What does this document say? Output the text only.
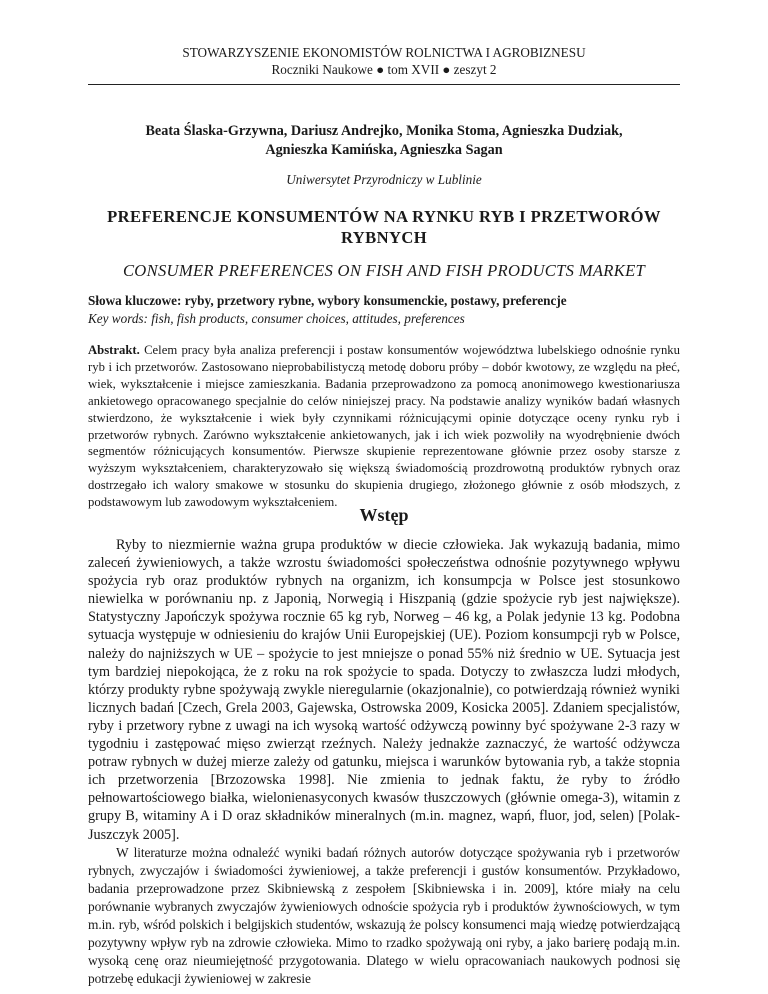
STOWARZYSZENIE EKONOMISTÓW ROLNICTWA I AGROBIZNESU
Roczniki Naukowe ● tom XVII ● zeszyt 2
Beata Ślaska-Grzywna, Dariusz Andrejko, Monika Stoma, Agnieszka Dudziak,
Agnieszka Kamińska, Agnieszka Sagan
Uniwersytet Przyrodniczy w Lublinie
PREFERENCJE KONSUMENTÓW NA RYNKU RYB I PRZETWORÓW
RYBNYCH
CONSUMER PREFERENCES ON FISH AND FISH PRODUCTS MARKET
Słowa kluczowe: ryby, przetwory rybne, wybory konsumenckie, postawy, preferencje
Key words: fish, fish products, consumer choices, attitudes, preferences
Abstrakt. Celem pracy była analiza preferencji i postaw konsumentów województwa lubelskiego odnośnie rynku ryb i ich przetworów. Zastosowano nieprobabilistyczą metodę doboru próby – dobór kwotowy, ze względu na płeć, wiek, wykształcenie i miejsce zamieszkania. Badania przeprowadzono za pomocą anonimowego kwestionariusza ankietowego opracowanego specjalnie do celów niniejszej pracy. Na podstawie analizy wyników badań własnych stwierdzono, że wykształcenie i wiek były czynnikami różnicującymi opinie dotyczące oceny rynku ryb i przetworów rybnych. Zarówno wykształcenie ankietowanych, jak i ich wiek pozwoliły na wyodrębnienie dwóch segmentów różnicujących konsumentów. Pierwsze skupienie reprezentowane głównie przez osoby starsze z wyższym wykształceniem, charakteryzowało się większą świadomością prozdrowotną produktów rybnych oraz dostrzegało ich walory smakowe w stosunku do skupienia drugiego, złożonego głównie z osób młodszych, z podstawowym lub zawodowym wykształceniem.
Wstęp

Ryby to niezmiernie ważna grupa produktów w diecie człowieka. Jak wykazują badania, mimo zaleceń żywieniowych, a także wzrostu świadomości społeczeństwa odnośnie pozytywnego wpływu spożycia ryb oraz produktów rybnych na organizm, ich konsumpcja w Polsce jest stosunkowo niewielka w porównaniu np. z Japonią, Norwegią i Hiszpanią (gdzie spożycie ryb jest największe). Statystyczny Japończyk spożywa rocznie 65 kg ryb, Norweg – 46 kg, a Polak jedynie 13 kg. Podobna sytuacja występuje w odniesieniu do krajów Unii Europejskiej (UE). Poziom konsumpcji ryb w Polsce, należy do najniższych w UE – spożycie to jest mniejsze o ponad 55% niż średnio w UE. Sytuacja jest tym bardziej niepokojąca, że z roku na rok spożycie to spada. Dotyczy to zwłaszcza ludzi młodych, którzy produkty rybne spożywają zwykle nieregularnie (okazjonalnie), co potwierdzają również wyniki licznych badań [Czech, Grela 2003, Gajewska, Ostrowska 2009, Kosicka 2005]. Zdaniem specjalistów, ryby i przetwory rybne z uwagi na ich wysoką wartość odżywczą powinny być spożywane 2-3 razy w tygodniu i zastępować mięso zwierząt rzeźnych. Należy jednakże zaznaczyć, że wartość odżywcza potraw rybnych w dużej mierze zależy od gatunku, miejsca i warunków bytowania ryb, a także stopnia ich przetworzenia [Brzozowska 1998]. Nie zmienia to jednak faktu, że ryby to źródło pełnowartościowego białka, wielonienasyconych kwasów tłuszczowych (głównie omega-3), witamin z grupy B, witaminy A i D oraz składników mineralnych (m.in. magnez, wapń, fluor, jod, selen) [Polak-Juszczyk 2005].

W literaturze można odnaleźć wyniki badań różnych autorów dotyczące spożywania ryb i przetworów rybnych, zwyczajów i świadomości żywieniowej, a także preferencji i gustów konsumentów. Przykładowo, badania przeprowadzone przez Skibniewską z zespołem [Skibniewska i in. 2009], które miały na celu porównanie wybranych zwyczajów żywieniowych odnoście spożycia ryb i produktów żywnościowych, w tym m.in. ryb, wśród polskich i belgijskich studentów, wskazują że polscy konsumenci mają wiedzę potwierdzającą pozytywny wpływ ryb na zdrowie człowieka. Mimo to rzadko spożywają oni ryby, a jako barierę podają m.in. wysoką cenę oraz nieumiejętność przygotowania. Dlatego w wielu opracowaniach naukowych podnosi się potrzebę edukacji żywieniowej w zakresie
